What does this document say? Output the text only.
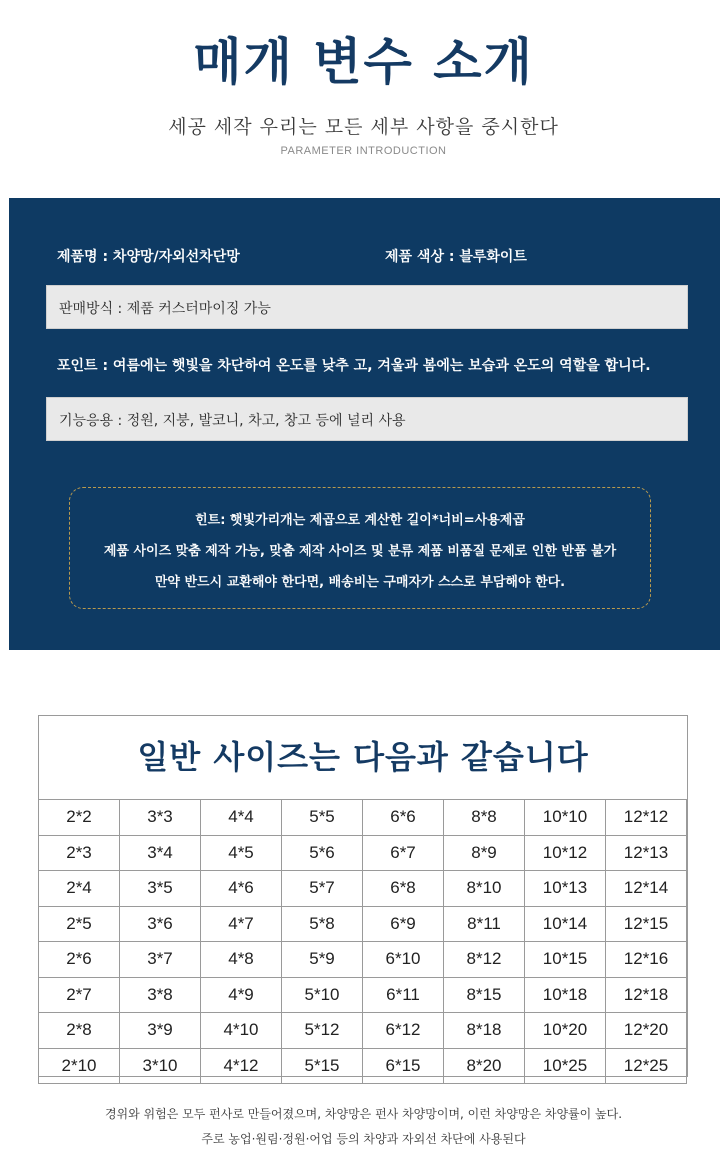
매개 변수 소개
세공 세작 우리는 모든 세부 사항을 중시한다
PARAMETER INTRODUCTION
제품명 : 차양망/자외선차단망	제품 색상 : 블루화이트
판매방식 : 제품 커스터마이징 가능
포인트 : 여름에는 햇빛을 차단하여 온도를 낮추 고, 겨울과 봄에는 보습과 온도의 역할을 합니다.
기능응용 : 정원, 지붕, 발코니, 차고, 창고 등에 널리 사용
힌트: 햇빛가리개는 제곱으로 계산한 길이*너비=사용제곱
제품 사이즈 맞춤 제작 가능, 맞춤 제작 사이즈 및 분류 제품 비품질 문제로 인한 반품 불가
만약 반드시 교환해야 한다면, 배송비는 구매자가 스스로 부담해야 한다.
일반 사이즈는 다음과 같습니다
2*2	3*3	4*4	5*5	6*6	8*8	10*10	12*12
2*3	3*4	4*5	5*6	6*7	8*9	10*12	12*13
2*4	3*5	4*6	5*7	6*8	8*10	10*13	12*14
2*5	3*6	4*7	5*8	6*9	8*11	10*14	12*15
2*6	3*7	4*8	5*9	6*10	8*12	10*15	12*16
2*7	3*8	4*9	5*10	6*11	8*15	10*18	12*18
2*8	3*9	4*10	5*12	6*12	8*18	10*20	12*20
2*10	3*10	4*12	5*15	6*15	8*20	10*25	12*25
경위와 위험은 모두 펀사로 만들어졌으며, 차양망은 펀사 차양망이며, 이런 차양망은 차양률이 높다.
주로 농업·원림·정원·어업 등의 차양과 자외선 차단에 사용된다
